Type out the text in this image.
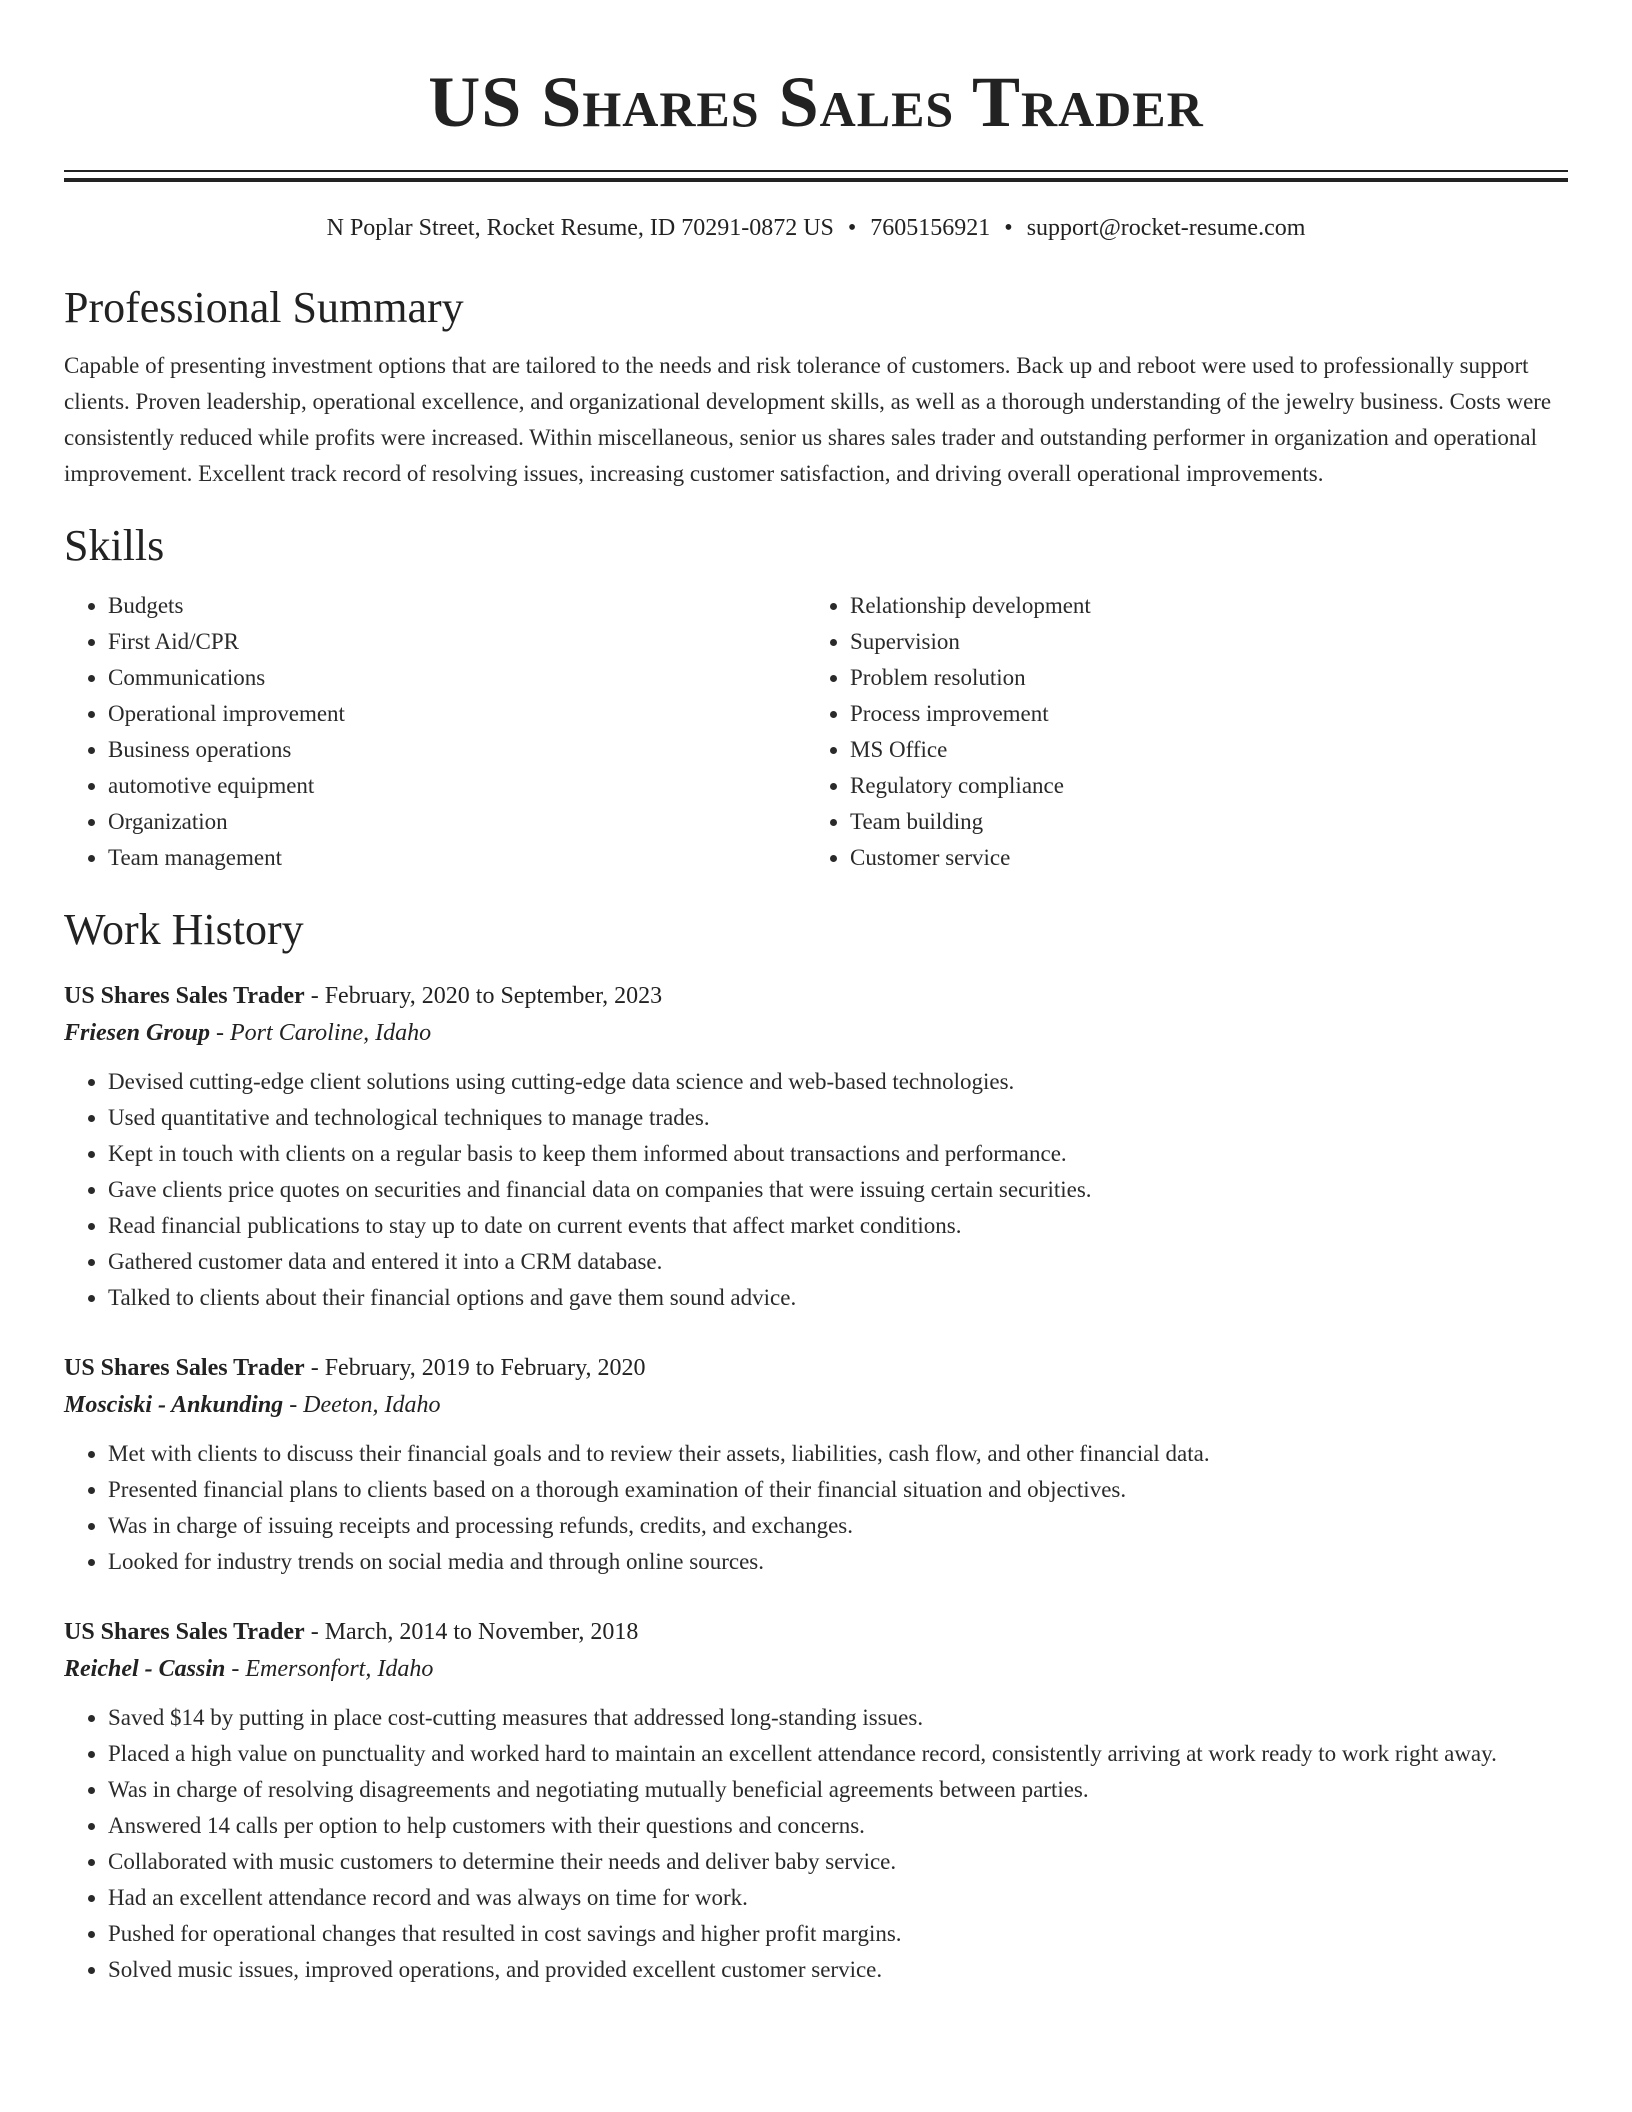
US Shares Sales Trader
N Poplar Street, Rocket Resume, ID 70291-0872 US • 7605156921 • support@rocket-resume.com
Professional Summary
Capable of presenting investment options that are tailored to the needs and risk tolerance of customers. Back up and reboot were used to professionally support clients. Proven leadership, operational excellence, and organizational development skills, as well as a thorough understanding of the jewelry business. Costs were consistently reduced while profits were increased. Within miscellaneous, senior us shares sales trader and outstanding performer in organization and operational improvement. Excellent track record of resolving issues, increasing customer satisfaction, and driving overall operational improvements.
Skills
• Budgets
• First Aid/CPR
• Communications
• Operational improvement
• Business operations
• automotive equipment
• Organization
• Team management
• Relationship development
• Supervision
• Problem resolution
• Process improvement
• MS Office
• Regulatory compliance
• Team building
• Customer service
Work History
US Shares Sales Trader - February, 2020 to September, 2023
Friesen Group - Port Caroline, Idaho
• Devised cutting-edge client solutions using cutting-edge data science and web-based technologies.
• Used quantitative and technological techniques to manage trades.
• Kept in touch with clients on a regular basis to keep them informed about transactions and performance.
• Gave clients price quotes on securities and financial data on companies that were issuing certain securities.
• Read financial publications to stay up to date on current events that affect market conditions.
• Gathered customer data and entered it into a CRM database.
• Talked to clients about their financial options and gave them sound advice.
US Shares Sales Trader - February, 2019 to February, 2020
Mosciski - Ankunding - Deeton, Idaho
• Met with clients to discuss their financial goals and to review their assets, liabilities, cash flow, and other financial data.
• Presented financial plans to clients based on a thorough examination of their financial situation and objectives.
• Was in charge of issuing receipts and processing refunds, credits, and exchanges.
• Looked for industry trends on social media and through online sources.
US Shares Sales Trader - March, 2014 to November, 2018
Reichel - Cassin - Emersonfort, Idaho
• Saved $14 by putting in place cost-cutting measures that addressed long-standing issues.
• Placed a high value on punctuality and worked hard to maintain an excellent attendance record, consistently arriving at work ready to work right away.
• Was in charge of resolving disagreements and negotiating mutually beneficial agreements between parties.
• Answered 14 calls per option to help customers with their questions and concerns.
• Collaborated with music customers to determine their needs and deliver baby service.
• Had an excellent attendance record and was always on time for work.
• Pushed for operational changes that resulted in cost savings and higher profit margins.
• Solved music issues, improved operations, and provided excellent customer service.
